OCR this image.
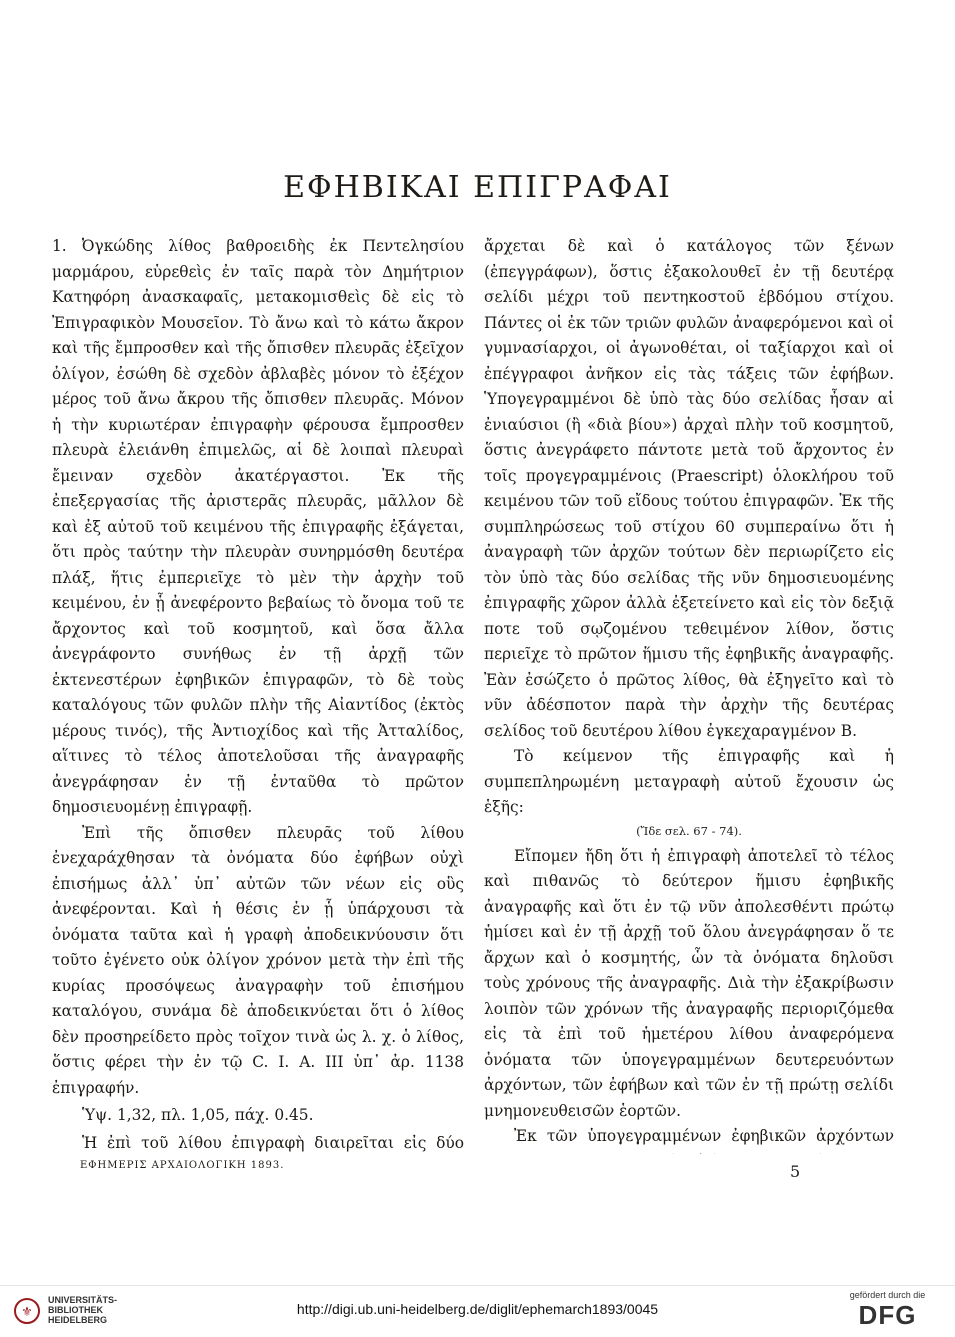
ΕΦΗΒΙΚΑΙ ΕΠΙΓΡΑΦΑΙ

1. Ὀγκώδης λίθος βαθροειδὴς ἐκ Πεντελησίου μαρμάρου, εὑρεθεὶς ἐν ταῖς παρὰ τὸν Δημήτριον Κατηφόρη ἀνασκαφαῖς, μετακομισθεὶς δὲ εἰς τὸ Ἐπιγραφικὸν Μουσεῖον. Τὸ ἄνω καὶ τὸ κάτω ἄκρον καὶ τῆς ἔμπροσθεν καὶ τῆς ὄπισθεν πλευρᾶς ἐξεῖχον ὀλίγον, ἐσώθη δὲ σχεδὸν ἀβλαβὲς μόνον τὸ ἐξέχον μέρος τοῦ ἄνω ἄκρου τῆς ὄπισθεν πλευρᾶς. Μόνον ἡ τὴν κυριωτέραν ἐπιγραφὴν φέρουσα ἔμπροσθεν πλευρὰ ἐλειάνθη ἐπιμελῶς, αἱ δὲ λοιπαὶ πλευραὶ ἔμειναν σχεδὸν ἀκατέργαστοι. Ἐκ τῆς ἐπεξεργασίας τῆς ἀριστερᾶς πλευρᾶς, μᾶλλον δὲ καὶ ἐξ αὐτοῦ τοῦ κειμένου τῆς ἐπιγραφῆς ἐξάγεται, ὅτι πρὸς ταύτην τὴν πλευρὰν συνηρμόσθη δευτέρα πλάξ, ἥτις ἐμπεριεῖχε τὸ μὲν τὴν ἀρχὴν τοῦ κειμένου, ἐν ᾗ ἀνεφέροντο βεβαίως τὸ ὄνομα τοῦ τε ἄρχοντος καὶ τοῦ κοσμητοῦ, καὶ ὅσα ἄλλα ἀνεγράφοντο συνήθως ἐν τῇ ἀρχῇ τῶν ἐκτενεστέρων ἐφηβικῶν ἐπιγραφῶν, τὸ δὲ τοὺς καταλόγους τῶν φυλῶν πλὴν τῆς Αἰαντίδος (ἐκτὸς μέρους τινός), τῆς Ἀντιοχίδος καὶ τῆς Ἀτταλίδος, αἵτινες τὸ τέλος ἀποτελοῦσαι τῆς ἀναγραφῆς ἀνεγράφησαν ἐν τῇ ἐνταῦθα τὸ πρῶτον δημοσιευομένῃ ἐπιγραφῇ.

Ἐπὶ τῆς ὄπισθεν πλευρᾶς τοῦ λίθου ἐνεχαράχθησαν τὰ ὀνόματα δύο ἐφήβων οὐχὶ ἐπισήμως ἀλλ᾽ ὑπ᾽ αὐτῶν τῶν νέων εἰς οὓς ἀνεφέρονται. Καὶ ἡ θέσις ἐν ᾗ ὑπάρχουσι τὰ ὀνόματα ταῦτα καὶ ἡ γραφὴ ἀποδεικνύουσιν ὅτι τοῦτο ἐγένετο οὐκ ὀλίγον χρόνον μετὰ τὴν ἐπὶ τῆς κυρίας προσόψεως ἀναγραφὴν τοῦ ἐπισήμου καταλόγου, συνάμα δὲ ἀποδεικνύεται ὅτι ὁ λίθος δὲν προσηρείδετο πρὸς τοῖχον τινὰ ὡς λ. χ. ὁ λίθος, ὅστις φέρει τὴν ἐν τῷ C. I. A. III ὑπ᾽ ἀρ. 1138 ἐπιγραφήν.

Ὑψ. 1,32, πλ. 1,05, πάχ. 0.45.

Ἡ ἐπὶ τοῦ λίθου ἐπιγραφὴ διαιρεῖται εἰς δύο

ἄρχεται δὲ καὶ ὁ κατάλογος τῶν ξένων (ἐπεγγράφων), ὅστις ἐξακολουθεῖ ἐν τῇ δευτέρᾳ σελίδι μέχρι τοῦ πεντηκοστοῦ ἑβδόμου στίχου. Πάντες οἱ ἐκ τῶν τριῶν φυλῶν ἀναφερόμενοι καὶ οἱ γυμνασίαρχοι, οἱ ἀγωνοθέται, οἱ ταξίαρχοι καὶ οἱ ἐπέγγραφοι ἀνῆκον εἰς τὰς τάξεις τῶν ἐφήβων. Ὑπογεγραμμένοι δὲ ὑπὸ τὰς δύο σελίδας ἦσαν αἱ ἐνιαύσιοι (ἢ «διὰ βίου») ἀρχαὶ πλὴν τοῦ κοσμητοῦ, ὅστις ἀνεγράφετο πάντοτε μετὰ τοῦ ἄρχοντος ἐν τοῖς προγεγραμμένοις (Praescript) ὁλοκλήρου τοῦ κειμένου τῶν τοῦ εἴδους τούτου ἐπιγραφῶν. Ἐκ τῆς συμπληρώσεως τοῦ στίχου 60 συμπεραίνω ὅτι ἡ ἀναγραφὴ τῶν ἀρχῶν τούτων δὲν περιωρίζετο εἰς τὸν ὑπὸ τὰς δύο σελίδας τῆς νῦν δημοσιευομένης ἐπιγραφῆς χῶρον ἀλλὰ ἐξετείνετο καὶ εἰς τὸν δεξιᾷ ποτε τοῦ σῳζομένου τεθειμένον λίθον, ὅστις περιεῖχε τὸ πρῶτον ἥμισυ τῆς ἐφηβικῆς ἀναγραφῆς. Ἐὰν ἐσώζετο ὁ πρῶτος λίθος, θὰ ἐξηγεῖτο καὶ τὸ νῦν ἀδέσποτον παρὰ τὴν ἀρχὴν τῆς δευτέρας σελίδος τοῦ δευτέρου λίθου ἐγκεχαραγμένον B.

Τὸ κείμενον τῆς ἐπιγραφῆς καὶ ἡ συμπεπληρωμένη μεταγραφὴ αὐτοῦ ἔχουσιν ὡς ἑξῆς:

(Ἴδε σελ. 67 - 74).

Εἴπομεν ἤδη ὅτι ἡ ἐπιγραφὴ ἀποτελεῖ τὸ τέλος καὶ πιθανῶς τὸ δεύτερον ἥμισυ ἐφηβικῆς ἀναγραφῆς καὶ ὅτι ἐν τῷ νῦν ἀπολεσθέντι πρώτῳ ἡμίσει καὶ ἐν τῇ ἀρχῇ τοῦ ὅλου ἀνεγράφησαν ὅ τε ἄρχων καὶ ὁ κοσμητής, ὧν τὰ ὀνόματα δηλοῦσι τοὺς χρόνους τῆς ἀναγραφῆς. Διὰ τὴν ἐξακρίβωσιν λοιπὸν τῶν χρόνων τῆς ἀναγραφῆς περιοριζόμεθα εἰς τὰ ἐπὶ τοῦ ἡμετέρου λίθου ἀναφερόμενα ὀνόματα τῶν ὑπογεγραμμένων δευτερευόντων ἀρχόντων, τῶν ἐφήβων καὶ τῶν ἐν τῇ πρώτῃ σελίδι μνημονευθεισῶν ἑορτῶν.

Ἐκ τῶν ὑπογεγραμμένων ἐφηβικῶν ἀρχόντων

ΕΦΗΜΕΡΙΣ ΑΡΧΑΙΟΛΟΓΙΚΗ 1893.	5
⚜
UNIVERSITÄTS-
BIBLIOTHEK
HEIDELBERG
http://digi.ub.uni-heidelberg.de/diglit/ephemarch1893/0045
gefördert durch die
DFG
